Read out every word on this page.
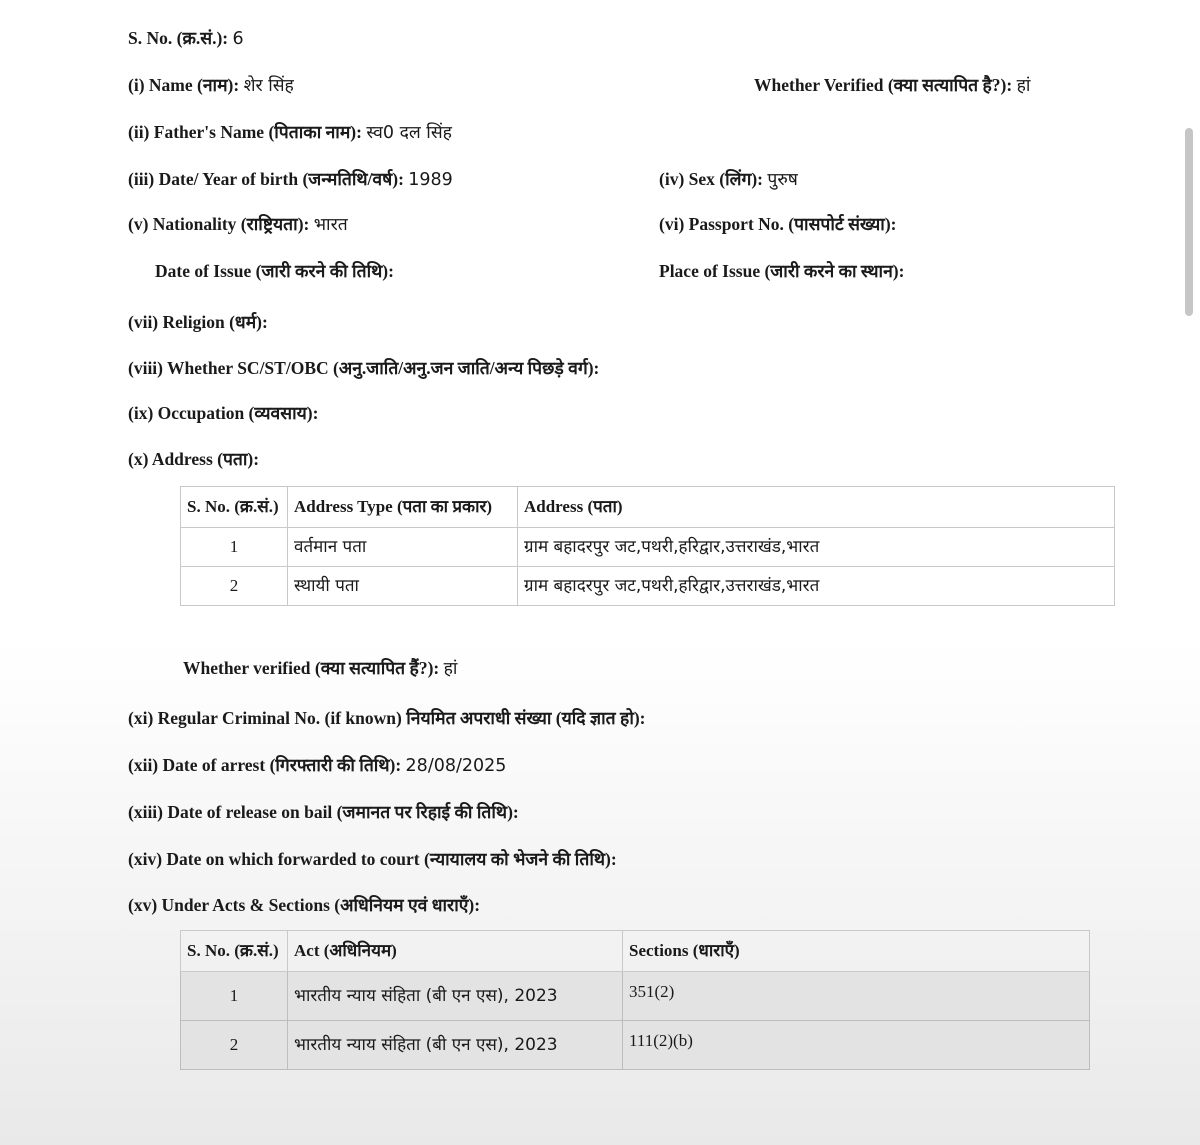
S. No. (क्र.सं.): 6
(i) Name (नाम): शेर सिंह	Whether Verified (क्या सत्यापित है?): हां
(ii) Father's Name (पिताका नाम): स्व0 दल सिंह
(iii) Date/ Year of birth (जन्मतिथि/वर्ष): 1989	(iv) Sex (लिंग): पुरुष
(v) Nationality (राष्ट्रियता): भारत	(vi) Passport No. (पासपोर्ट संख्या):
Date of Issue (जारी करने की तिथि):	Place of Issue (जारी करने का स्थान):
(vii) Religion (धर्म):
(viii) Whether SC/ST/OBC (अनु.जाति/अनु.जन जाति/अन्य पिछड़े वर्ग):
(ix) Occupation (व्यवसाय):
(x) Address (पता):
S. No. (क्र.सं.)	Address Type (पता का प्रकार)	Address (पता)
1	वर्तमान पता	ग्राम बहादरपुर जट,पथरी,हरिद्वार,उत्तराखंड,भारत
2	स्थायी पता	ग्राम बहादरपुर जट,पथरी,हरिद्वार,उत्तराखंड,भारत
Whether verified (क्या सत्यापित हैं?): हां
(xi) Regular Criminal No. (if known) नियमित अपराधी संख्या (यदि ज्ञात हो):
(xii) Date of arrest (गिरफ्तारी की तिथि): 28/08/2025
(xiii) Date of release on bail (जमानत पर रिहाई की तिथि):
(xiv) Date on which forwarded to court (न्यायालय को भेजने की तिथि):
(xv) Under Acts & Sections (अधिनियम एवं धाराएँ):
S. No. (क्र.सं.)	Act (अधिनियम)	Sections (धाराएँ)
1	भारतीय न्याय संहिता (बी एन एस), 2023	351(2)
2	भारतीय न्याय संहिता (बी एन एस), 2023	111(2)(b)
